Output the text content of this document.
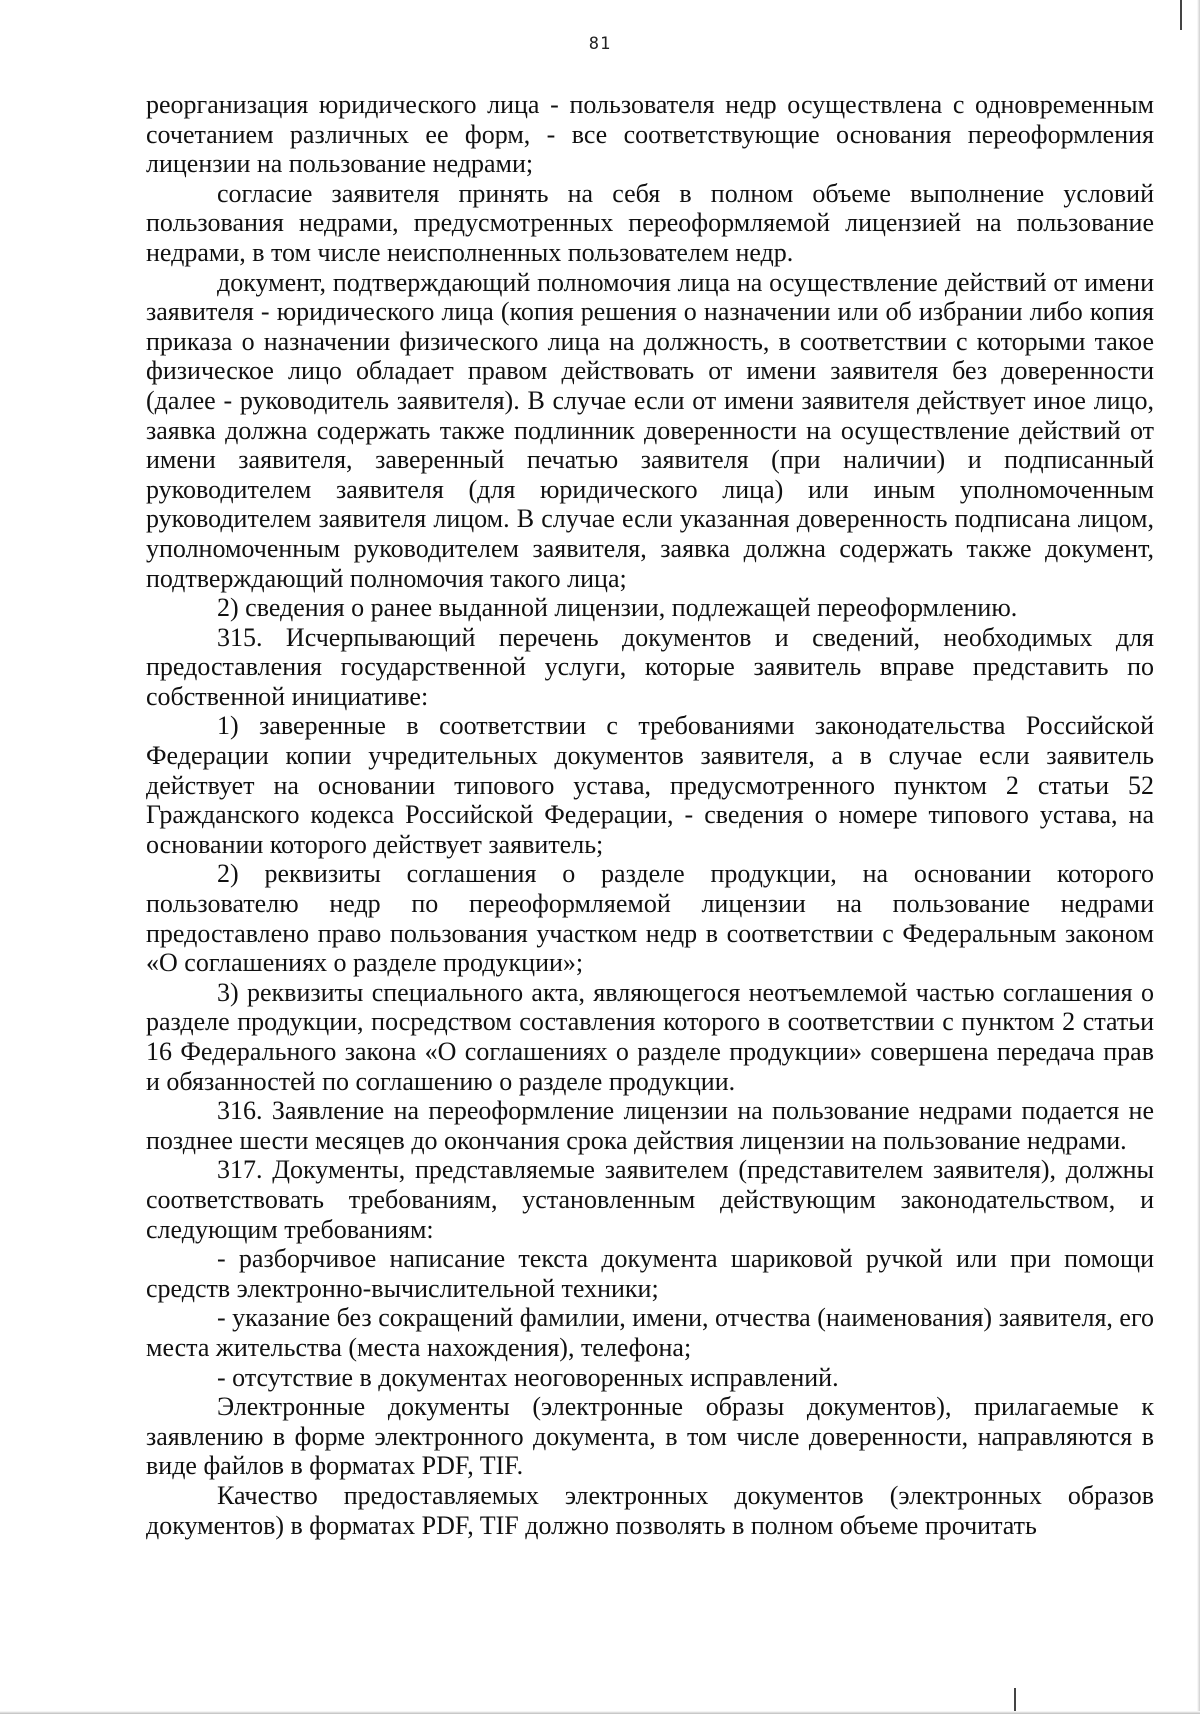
81

реорганизация юридического лица - пользователя недр осуществлена с одновременным сочетанием различных ее форм, - все соответствующие основания переоформления лицензии на пользование недрами;

согласие заявителя принять на себя в полном объеме выполнение условий пользования недрами, предусмотренных переоформляемой лицензией на пользование недрами, в том числе неисполненных пользователем недр.

документ, подтверждающий полномочия лица на осуществление действий от имени заявителя - юридического лица (копия решения о назначении или об избрании либо копия приказа о назначении физического лица на должность, в соответствии с которыми такое физическое лицо обладает правом действовать от имени заявителя без доверенности (далее - руководитель заявителя). В случае если от имени заявителя действует иное лицо, заявка должна содержать также подлинник доверенности на осуществление действий от имени заявителя, заверенный печатью заявителя (при наличии) и подписанный руководителем заявителя (для юридического лица) или иным уполномоченным руководителем заявителя лицом. В случае если указанная доверенность подписана лицом, уполномоченным руководителем заявителя, заявка должна содержать также документ, подтверждающий полномочия такого лица;

2) сведения о ранее выданной лицензии, подлежащей переоформлению.

315. Исчерпывающий перечень документов и сведений, необходимых для предоставления государственной услуги, которые заявитель вправе представить по собственной инициативе:

1) заверенные в соответствии с требованиями законодательства Российской Федерации копии учредительных документов заявителя, а в случае если заявитель действует на основании типового устава, предусмотренного пунктом 2 статьи 52 Гражданского кодекса Российской Федерации, - сведения о номере типового устава, на основании которого действует заявитель;

2) реквизиты соглашения о разделе продукции, на основании которого пользователю недр по переоформляемой лицензии на пользование недрами предоставлено право пользования участком недр в соответствии с Федеральным законом «О соглашениях о разделе продукции»;

3) реквизиты специального акта, являющегося неотъемлемой частью соглашения о разделе продукции, посредством составления которого в соответствии с пунктом 2 статьи 16 Федерального закона «О соглашениях о разделе продукции» совершена передача прав и обязанностей по соглашению о разделе продукции.

316. Заявление на переоформление лицензии на пользование недрами подается не позднее шести месяцев до окончания срока действия лицензии на пользование недрами.

317. Документы, представляемые заявителем (представителем заявителя), должны соответствовать требованиям, установленным действующим законодательством, и следующим требованиям:

- разборчивое написание текста документа шариковой ручкой или при помощи средств электронно-вычислительной техники;

- указание без сокращений фамилии, имени, отчества (наименования) заявителя, его места жительства (места нахождения), телефона;

- отсутствие в документах неоговоренных исправлений.

Электронные документы (электронные образы документов), прилагаемые к заявлению в форме электронного документа, в том числе доверенности, направляются в виде файлов в форматах PDF, TIF.

Качество предоставляемых электронных документов (электронных образов документов) в форматах PDF, TIF должно позволять в полном объеме прочитать
